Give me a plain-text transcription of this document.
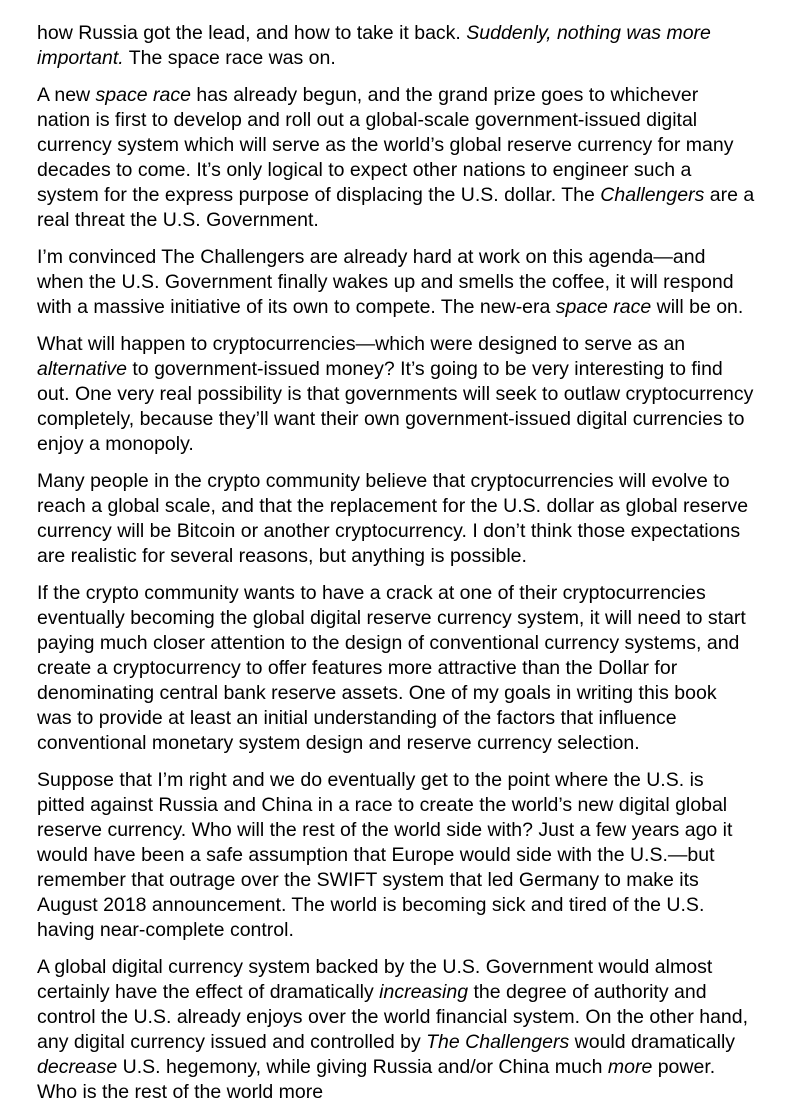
how Russia got the lead, and how to take it back. Suddenly, nothing was more important. The space race was on.

A new space race has already begun, and the grand prize goes to whichever nation is first to develop and roll out a global-scale government-issued digital currency system which will serve as the world’s global reserve currency for many decades to come. It’s only logical to expect other nations to engineer such a system for the express purpose of displacing the U.S. dollar. The Challengers are a real threat the U.S. Government.

I’m convinced The Challengers are already hard at work on this agenda—and when the U.S. Government finally wakes up and smells the coffee, it will respond with a massive initiative of its own to compete. The new-era space race will be on.

What will happen to cryptocurrencies—which were designed to serve as an alternative to government-issued money? It’s going to be very interesting to find out. One very real possibility is that governments will seek to outlaw cryptocurrency completely, because they’ll want their own government-issued digital currencies to enjoy a monopoly.

Many people in the crypto community believe that cryptocurrencies will evolve to reach a global scale, and that the replacement for the U.S. dollar as global reserve currency will be Bitcoin or another cryptocurrency. I don’t think those expectations are realistic for several reasons, but anything is possible.

If the crypto community wants to have a crack at one of their cryptocurrencies eventually becoming the global digital reserve currency system, it will need to start paying much closer attention to the design of conventional currency systems, and create a cryptocurrency to offer features more attractive than the Dollar for denominating central bank reserve assets. One of my goals in writing this book was to provide at least an initial understanding of the factors that influence conventional monetary system design and reserve currency selection.

Suppose that I’m right and we do eventually get to the point where the U.S. is pitted against Russia and China in a race to create the world’s new digital global reserve currency. Who will the rest of the world side with? Just a few years ago it would have been a safe assumption that Europe would side with the U.S.—but remember that outrage over the SWIFT system that led Germany to make its August 2018 announcement. The world is becoming sick and tired of the U.S. having near-complete control.

A global digital currency system backed by the U.S. Government would almost certainly have the effect of dramatically increasing the degree of authority and control the U.S. already enjoys over the world financial system. On the other hand, any digital currency issued and controlled by The Challengers would dramatically decrease U.S. hegemony, while giving Russia and/or China much more power. Who is the rest of the world more
